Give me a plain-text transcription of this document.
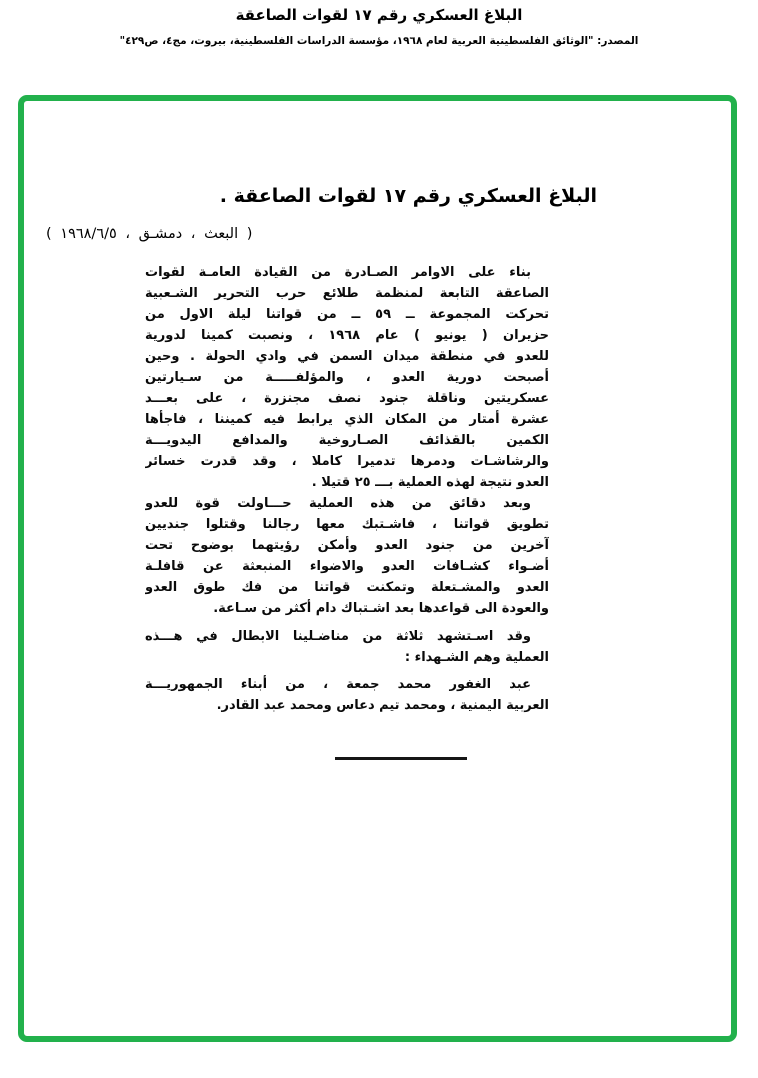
البلاغ العسكري رقم ١٧ لقوات الصاعقة
المصدر: "الوثائق الفلسطينية العربية لعام ١٩٦٨، مؤسسة الدراسات الفلسطينية، بيروت، مج٤، ص٤٢٩"
البلاغ العسكري رقم ١٧ لقوات الصاعقة .
( البعث ، دمشـق ، ١٩٦٨/٦/٥ )
بناء على الاوامر الصـادرة من القيادة العامـة لقوات
الصاعقة التابعة لمنظمة طلائع حرب التحرير الشـعبية
تحركت المجموعة ــ ٥٩ ــ من قواتنا ليلة الاول من
حزيران ( يونيو ) عام ١٩٦٨ ، ونصبت كمينا لدورية
للعدو في منطقة ميدان السمن في وادي الحولة . وحين
أصبحت دورية العدو ، والمؤلفـــــة من سـيارتين
عسكريتين وناقلة جنود نصف مجنزرة ، على بعـــد
عشرة أمتار من المكان الذي يرابط فيه كميننا ، فاجأها
الكمين بالقذائف الصـاروخية والمدافع اليدويـــة
والرشاشـات ودمرها تدميرا كاملا ، وقد قدرت خسائر
العدو نتيجة لهذه العملية بـــ ٢٥ قتيلا .
وبعد دقائق من هذه العملية حـــاولت قوة للعدو
تطويق قواتنا ، فاشـتبك معها رجالنا وقتلوا جنديين
آخرين من جنود العدو وأمكن رؤيتهما بوضوح تحت
أضـواء كشـافات العدو والاضواء المنبعثة عن قافلـة
العدو والمشـتعلة وتمكنت قواتنا من فك طوق العدو
والعودة الى قواعدها بعد اشـتباك دام أكثر من سـاعة.
وقد اسـتشهد ثلاثة من مناضـلينا الابطال في هـــذه
العملية وهم الشـهداء :
عبد الغفور محمد جمعة ، من أبناء الجمهوريـــة
العربية اليمنية ، ومحمد تيم دعاس ومحمد عبد القادر.
